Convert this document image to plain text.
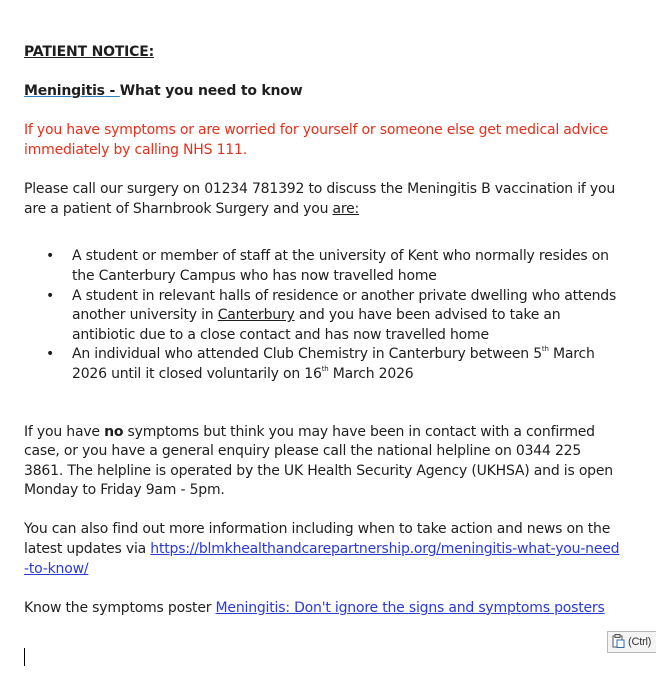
PATIENT NOTICE:

Meningitis - What you need to know

If you have symptoms or are worried for yourself or someone else get medical advice immediately by calling NHS 111.

Please call our surgery on 01234 781392 to discuss the Meningitis B vaccination if you are a patient of Sharnbrook Surgery and you are:

• A student or member of staff at the university of Kent who normally resides on the Canterbury Campus who has now travelled home
• A student in relevant halls of residence or another private dwelling who attends another university in Canterbury and you have been advised to take an antibiotic due to a close contact and has now travelled home
• An individual who attended Club Chemistry in Canterbury between 5th March 2026 until it closed voluntarily on 16th March 2026

If you have no symptoms but think you may have been in contact with a confirmed case, or you have a general enquiry please call the national helpline on 0344 225 3861. The helpline is operated by the UK Health Security Agency (UKHSA) and is open Monday to Friday 9am - 5pm.

You can also find out more information including when to take action and news on the latest updates via https://blmkhealthandcarepartnership.org/meningitis-what-you-need-to-know/

Know the symptoms poster Meningitis: Don't ignore the signs and symptoms posters

(Ctrl)
